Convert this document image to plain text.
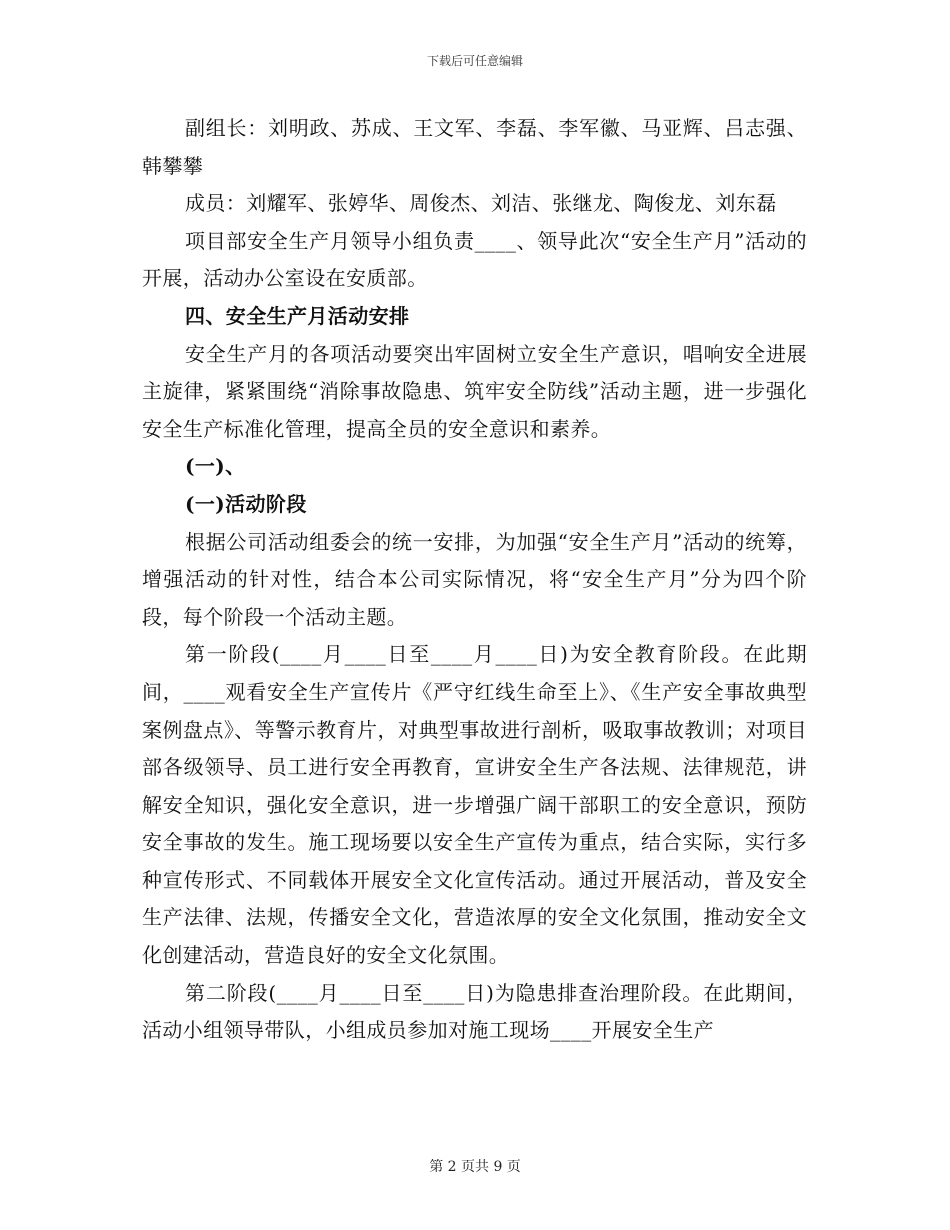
下载后可任意编辑

副组长：刘明政、苏成、王文军、李磊、李军徽、马亚辉、吕志强、韩攀攀

成员：刘耀军、张婷华、周俊杰、刘洁、张继龙、陶俊龙、刘东磊

项目部安全生产月领导小组负责____、领导此次“安全生产月”活动的开展，活动办公室设在安质部。

四、安全生产月活动安排

安全生产月的各项活动要突出牢固树立安全生产意识，唱响安全进展主旋律，紧紧围绕“消除事故隐患、筑牢安全防线”活动主题，进一步强化安全生产标准化管理，提高全员的安全意识和素养。

(一)、

(一)活动阶段

根据公司活动组委会的统一安排，为加强“安全生产月”活动的统筹，增强活动的针对性，结合本公司实际情况，将“安全生产月”分为四个阶段，每个阶段一个活动主题。

第一阶段(____月____日至____月____日)为安全教育阶段。在此期间，____观看安全生产宣传片《严守红线生命至上》、《生产安全事故典型案例盘点》、等警示教育片，对典型事故进行剖析，吸取事故教训；对项目部各级领导、员工进行安全再教育，宣讲安全生产各法规、法律规范，讲解安全知识，强化安全意识，进一步增强广阔干部职工的安全意识，预防安全事故的发生。施工现场要以安全生产宣传为重点，结合实际，实行多种宣传形式、不同载体开展安全文化宣传活动。通过开展活动，普及安全生产法律、法规，传播安全文化，营造浓厚的安全文化氛围，推动安全文化创建活动，营造良好的安全文化氛围。

第二阶段(____月____日至____日)为隐患排查治理阶段。在此期间，活动小组领导带队，小组成员参加对施工现场____开展安全生产

第 2 页共 9 页
